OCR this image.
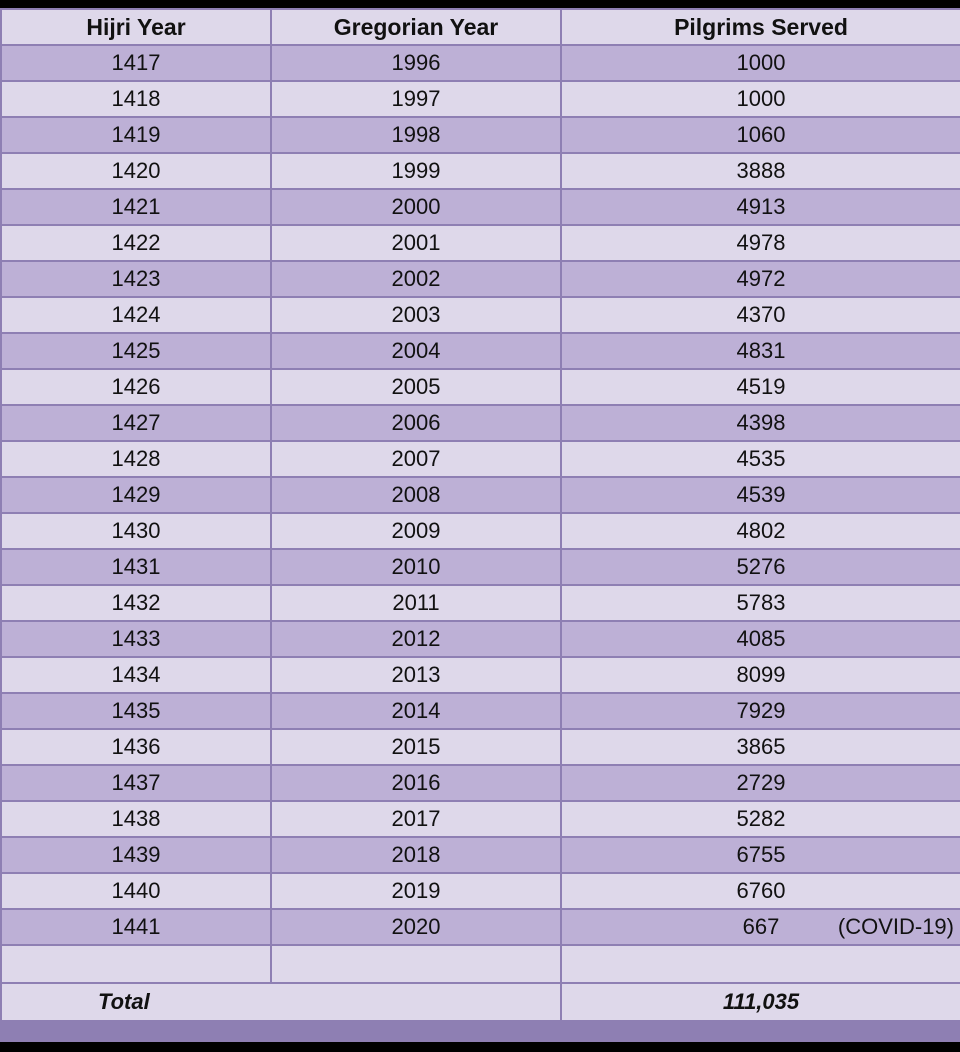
Hijri Year	Gregorian Year	Pilgrims Served
1417	1996	1000
1418	1997	1000
1419	1998	1060
1420	1999	3888
1421	2000	4913
1422	2001	4978
1423	2002	4972
1424	2003	4370
1425	2004	4831
1426	2005	4519
1427	2006	4398
1428	2007	4535
1429	2008	4539
1430	2009	4802
1431	2010	5276
1432	2011	5783
1433	2012	4085
1434	2013	8099
1435	2014	7929
1436	2015	3865
1437	2016	2729
1438	2017	5282
1439	2018	6755
1440	2019	6760
1441	2020	667 (COVID-19)

Total		111,035
